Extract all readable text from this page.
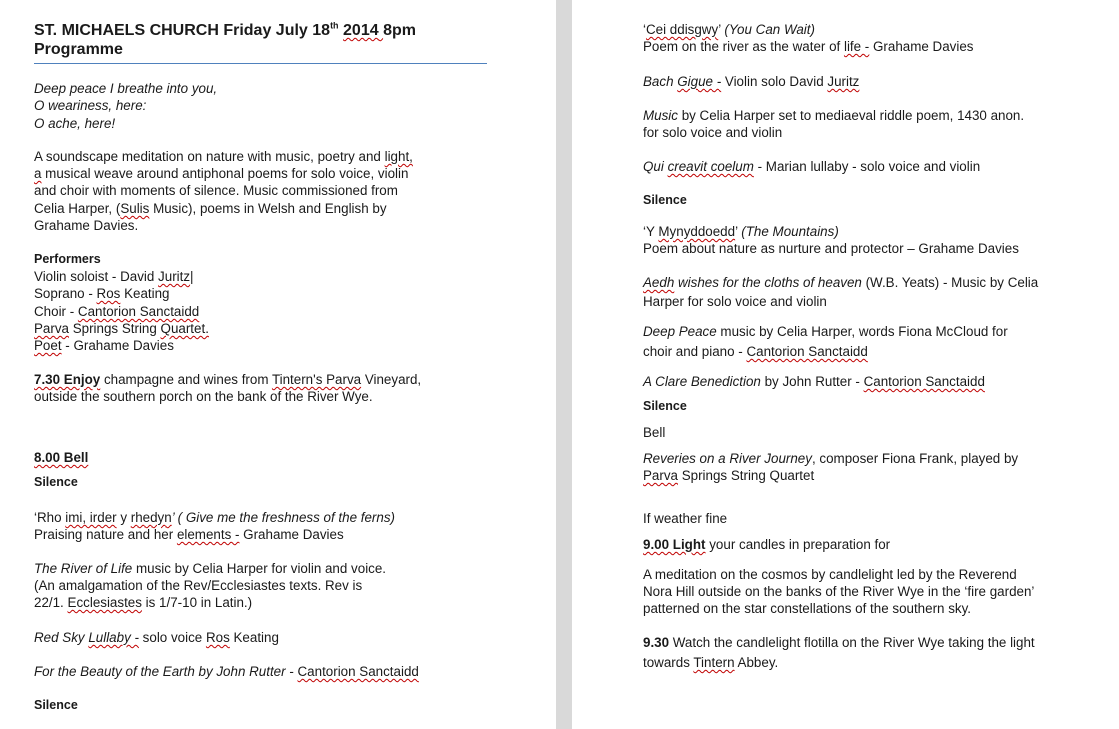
ST. MICHAELS CHURCH Friday July 18th 2014 8pm
Programme
Deep peace I breathe into you,
O weariness, here:
O ache, here!
A soundscape meditation on nature with music, poetry and light,
a musical weave around antiphonal poems for solo voice, violin
and choir with moments of silence. Music commissioned from
Celia Harper, (Sulis Music), poems in Welsh and English by
Grahame Davies.
Performers
Violin soloist - David Juritz|
Soprano - Ros Keating
Choir - Cantorion Sanctaidd
Parva Springs String Quartet.
Poet - Grahame Davies
7.30 Enjoy champagne and wines from Tintern's Parva Vineyard,
outside the southern porch on the bank of the River Wye.
8.00 Bell
Silence
‘Rho imi, irder y rhedyn’ ( Give me the freshness of the ferns)
Praising nature and her elements - Grahame Davies
The River of Life music by Celia Harper for violin and voice.
(An amalgamation of the Rev/Ecclesiastes texts. Rev is
22/1. Ecclesiastes is 1/7-10 in Latin.)
Red Sky Lullaby - solo voice Ros Keating
For the Beauty of the Earth by John Rutter - Cantorion Sanctaidd
Silence
‘Cei ddisgwy’ (You Can Wait)
Poem on the river as the water of life - Grahame Davies
Bach Gigue - Violin solo David Juritz
Music by Celia Harper set to mediaeval riddle poem, 1430 anon.
for solo voice and violin
Qui creavit coelum - Marian lullaby - solo voice and violin
Silence
‘Y Mynyddoedd’ (The Mountains)
Poem about nature as nurture and protector – Grahame Davies
Aedh wishes for the cloths of heaven (W.B. Yeats) - Music by Celia
Harper for solo voice and violin
Deep Peace music by Celia Harper, words Fiona McCloud for
choir and piano - Cantorion Sanctaidd
A Clare Benediction by John Rutter - Cantorion Sanctaidd
Silence
Bell
Reveries on a River Journey, composer Fiona Frank, played by
Parva Springs String Quartet
If weather fine
9.00 Light your candles in preparation for
A meditation on the cosmos by candlelight led by the Reverend
Nora Hill outside on the banks of the River Wye in the ‘fire garden’
patterned on the star constellations of the southern sky.
9.30 Watch the candlelight flotilla on the River Wye taking the light
towards Tintern Abbey.
